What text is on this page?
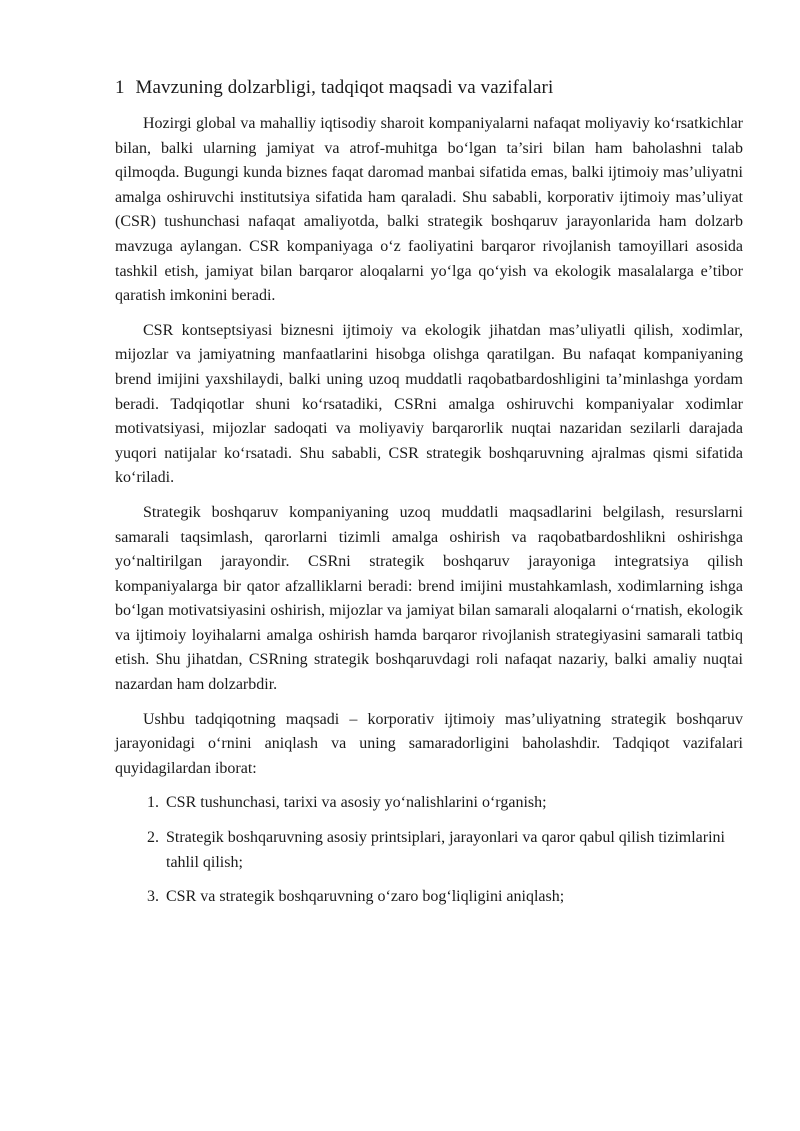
1 Mavzuning dolzarbligi, tadqiqot maqsadi va vazifalari

Hozirgi global va mahalliy iqtisodiy sharoit kompaniyalarni nafaqat moliyaviy ko‘rsatkichlar bilan, balki ularning jamiyat va atrof-muhitga bo‘lgan ta’siri bilan ham baholashni talab qilmoqda. Bugungi kunda biznes faqat daromad manbai sifatida emas, balki ijtimoiy mas’uliyatni amalga oshiruvchi institutsiya sifatida ham qaraladi. Shu sababli, korporativ ijtimoiy mas’uliyat (CSR) tushunchasi nafaqat amaliyotda, balki strategik boshqaruv jarayonlarida ham dolzarb mavzuga aylangan. CSR kompaniyaga o‘z faoliyatini barqaror rivojlanish tamoyillari asosida tashkil etish, jamiyat bilan barqaror aloqalarni yo‘lga qo‘yish va ekologik masalalarga e’tibor qaratish imkonini beradi.

CSR kontseptsiyasi biznesni ijtimoiy va ekologik jihatdan mas’uliyatli qilish, xodimlar, mijozlar va jamiyatning manfaatlarini hisobga olishga qaratilgan. Bu nafaqat kompaniyaning brend imijini yaxshilaydi, balki uning uzoq muddatli raqobatbardoshligini ta’minlashga yordam beradi. Tadqiqotlar shuni ko‘rsatadiki, CSRni amalga oshiruvchi kompaniyalar xodimlar motivatsiyasi, mijozlar sadoqati va moliyaviy barqarorlik nuqtai nazaridan sezilarli darajada yuqori natijalar ko‘rsatadi. Shu sababli, CSR strategik boshqaruvning ajralmas qismi sifatida ko‘riladi.

Strategik boshqaruv kompaniyaning uzoq muddatli maqsadlarini belgilash, resurslarni samarali taqsimlash, qarorlarni tizimli amalga oshirish va raqobatbardoshlikni oshirishga yo‘naltirilgan jarayondir. CSRni strategik boshqaruv jarayoniga integratsiya qilish kompaniyalarga bir qator afzalliklarni beradi: brend imijini mustahkamlash, xodimlarning ishga bo‘lgan motivatsiyasini oshirish, mijozlar va jamiyat bilan samarali aloqalarni o‘rnatish, ekologik va ijtimoiy loyihalarni amalga oshirish hamda barqaror rivojlanish strategiyasini samarali tatbiq etish. Shu jihatdan, CSRning strategik boshqaruvdagi roli nafaqat nazariy, balki amaliy nuqtai nazardan ham dolzarbdir.

Ushbu tadqiqotning maqsadi – korporativ ijtimoiy mas’uliyatning strategik boshqaruv jarayonidagi o‘rnini aniqlash va uning samaradorligini baholashdir. Tadqiqot vazifalari quyidagilardan iborat:

1. CSR tushunchasi, tarixi va asosiy yo‘nalishlarini o‘rganish;
2. Strategik boshqaruvning asosiy printsiplari, jarayonlari va qaror qabul qilish tizimlarini tahlil qilish;
3. CSR va strategik boshqaruvning o‘zaro bog‘liqligini aniqlash;
